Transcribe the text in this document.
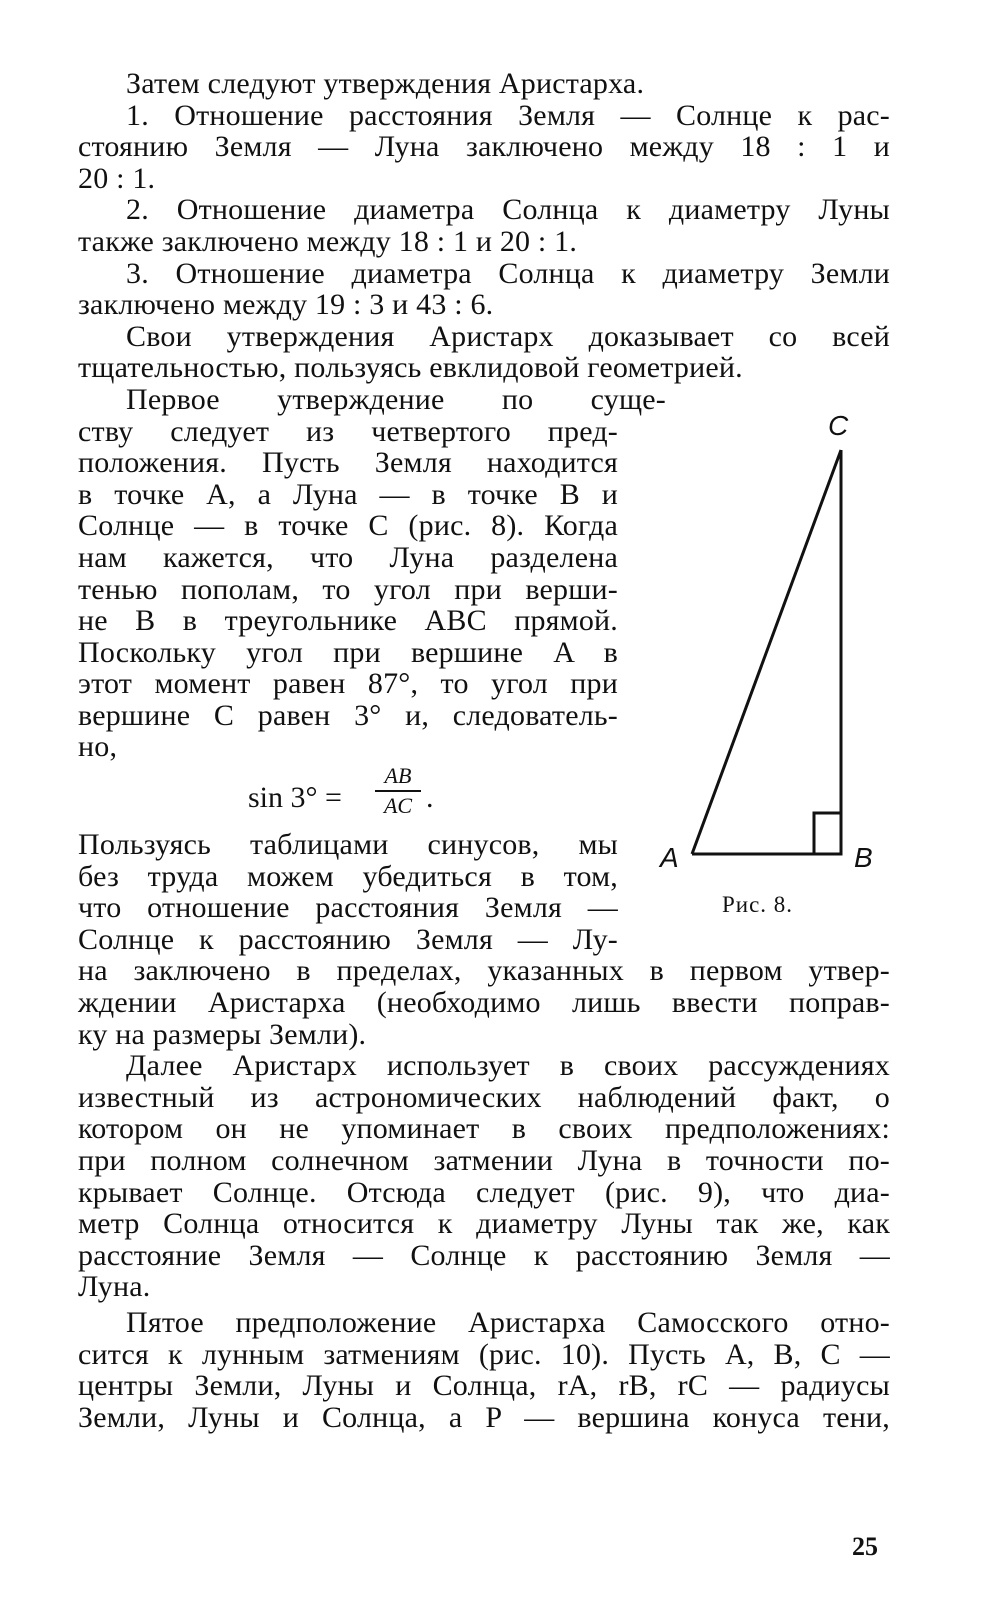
Затем следуют утверждения Аристарха.
1. Отношение расстояния Земля — Солнце к рас-
стоянию Земля — Луна заключено между 18 : 1 и
20 : 1.
2. Отношение диаметра Солнца к диаметру Луны
также заключено между 18 : 1 и 20 : 1.
3. Отношение диаметра Солнца к диаметру Земли
заключено между 19 : 3 и 43 : 6.
Свои утверждения Аристарх доказывает со всей
тщательностью, пользуясь евклидовой геометрией.
Первое утверждение по суще-
ству следует из четвертого пред-
положения. Пусть Земля находится
в точке A, а Луна — в точке B и
Солнце — в точке C (рис. 8). Когда
нам кажется, что Луна разделена
тенью пополам, то угол при верши-
не B в треугольнике ABC прямой.
Поскольку угол при вершине A в
этот момент равен 87°, то угол при
вершине C равен 3° и, следователь-
но,
sin 3° =
AB
AC .
Пользуясь таблицами синусов, мы
без труда можем убедиться в том,
что отношение расстояния Земля —
Солнце к расстоянию Земля — Лу-
на заключено в пределах, указанных в первом утвер-
ждении Аристарха (необходимо лишь ввести поправ-
ку на размеры Земли).
Далее Аристарх использует в своих рассуждениях
известный из астрономических наблюдений факт, о
котором он не упоминает в своих предположениях:
при полном солнечном затмении Луна в точности по-
крывает Солнце. Отсюда следует (рис. 9), что диа-
метр Солнца относится к диаметру Луны так же, как
расстояние Земля — Солнце к расстоянию Земля —
Луна.
Пятое предположение Аристарха Самосского отно-
сится к лунным затмениям (рис. 10). Пусть A, B, C —
центры Земли, Луны и Солнца, rA, rB, rC — радиусы
Земли, Луны и Солнца, а P — вершина конуса тени,
C
A	B
Рис. 8.
25
